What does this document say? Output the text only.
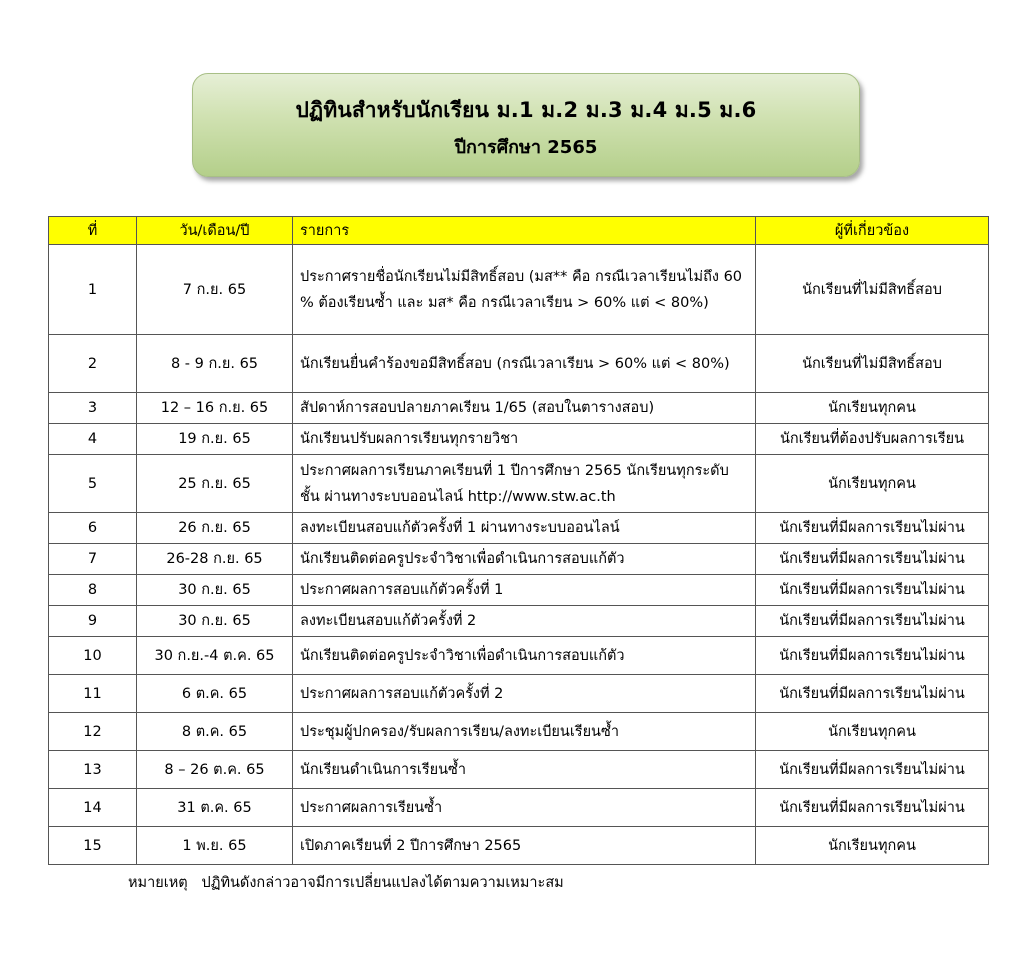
ปฏิทินสำหรับนักเรียน ม.1 ม.2 ม.3 ม.4 ม.5 ม.6
ปีการศึกษา 2565
ที่	วัน/เดือน/ปี	รายการ	ผู้ที่เกี่ยวข้อง
1	7 ก.ย. 65	ประกาศรายชื่อนักเรียนไม่มีสิทธิ์สอบ (มส** คือ กรณีเวลาเรียนไม่ถึง 60 % ต้องเรียนซ้ำ และ มส* คือ กรณีเวลาเรียน > 60% แต่ < 80%)	นักเรียนที่ไม่มีสิทธิ์สอบ
2	8 - 9 ก.ย. 65	นักเรียนยื่นคำร้องขอมีสิทธิ์สอบ (กรณีเวลาเรียน > 60% แต่ < 80%)	นักเรียนที่ไม่มีสิทธิ์สอบ
3	12 – 16 ก.ย. 65	สัปดาห์การสอบปลายภาคเรียน 1/65 (สอบในตารางสอบ)	นักเรียนทุกคน
4	19 ก.ย. 65	นักเรียนปรับผลการเรียนทุกรายวิชา	นักเรียนที่ต้องปรับผลการเรียน
5	25 ก.ย. 65	ประกาศผลการเรียนภาคเรียนที่ 1 ปีการศึกษา 2565 นักเรียนทุกระดับชั้น ผ่านทางระบบออนไลน์ http://www.stw.ac.th	นักเรียนทุกคน
6	26 ก.ย. 65	ลงทะเบียนสอบแก้ตัวครั้งที่ 1 ผ่านทางระบบออนไลน์	นักเรียนที่มีผลการเรียนไม่ผ่าน
7	26-28 ก.ย. 65	นักเรียนติดต่อครูประจำวิชาเพื่อดำเนินการสอบแก้ตัว	นักเรียนที่มีผลการเรียนไม่ผ่าน
8	30 ก.ย. 65	ประกาศผลการสอบแก้ตัวครั้งที่ 1	นักเรียนที่มีผลการเรียนไม่ผ่าน
9	30 ก.ย. 65	ลงทะเบียนสอบแก้ตัวครั้งที่ 2	นักเรียนที่มีผลการเรียนไม่ผ่าน
10	30 ก.ย.-4 ต.ค. 65	นักเรียนติดต่อครูประจำวิชาเพื่อดำเนินการสอบแก้ตัว	นักเรียนที่มีผลการเรียนไม่ผ่าน
11	6 ต.ค. 65	ประกาศผลการสอบแก้ตัวครั้งที่ 2	นักเรียนที่มีผลการเรียนไม่ผ่าน
12	8 ต.ค. 65	ประชุมผู้ปกครอง/รับผลการเรียน/ลงทะเบียนเรียนซ้ำ	นักเรียนทุกคน
13	8 – 26 ต.ค. 65	นักเรียนดำเนินการเรียนซ้ำ	นักเรียนที่มีผลการเรียนไม่ผ่าน
14	31 ต.ค. 65	ประกาศผลการเรียนซ้ำ	นักเรียนที่มีผลการเรียนไม่ผ่าน
15	1 พ.ย. 65	เปิดภาคเรียนที่ 2 ปีการศึกษา 2565	นักเรียนทุกคน
หมายเหตุ   ปฏิทินดังกล่าวอาจมีการเปลี่ยนแปลงได้ตามความเหมาะสม
